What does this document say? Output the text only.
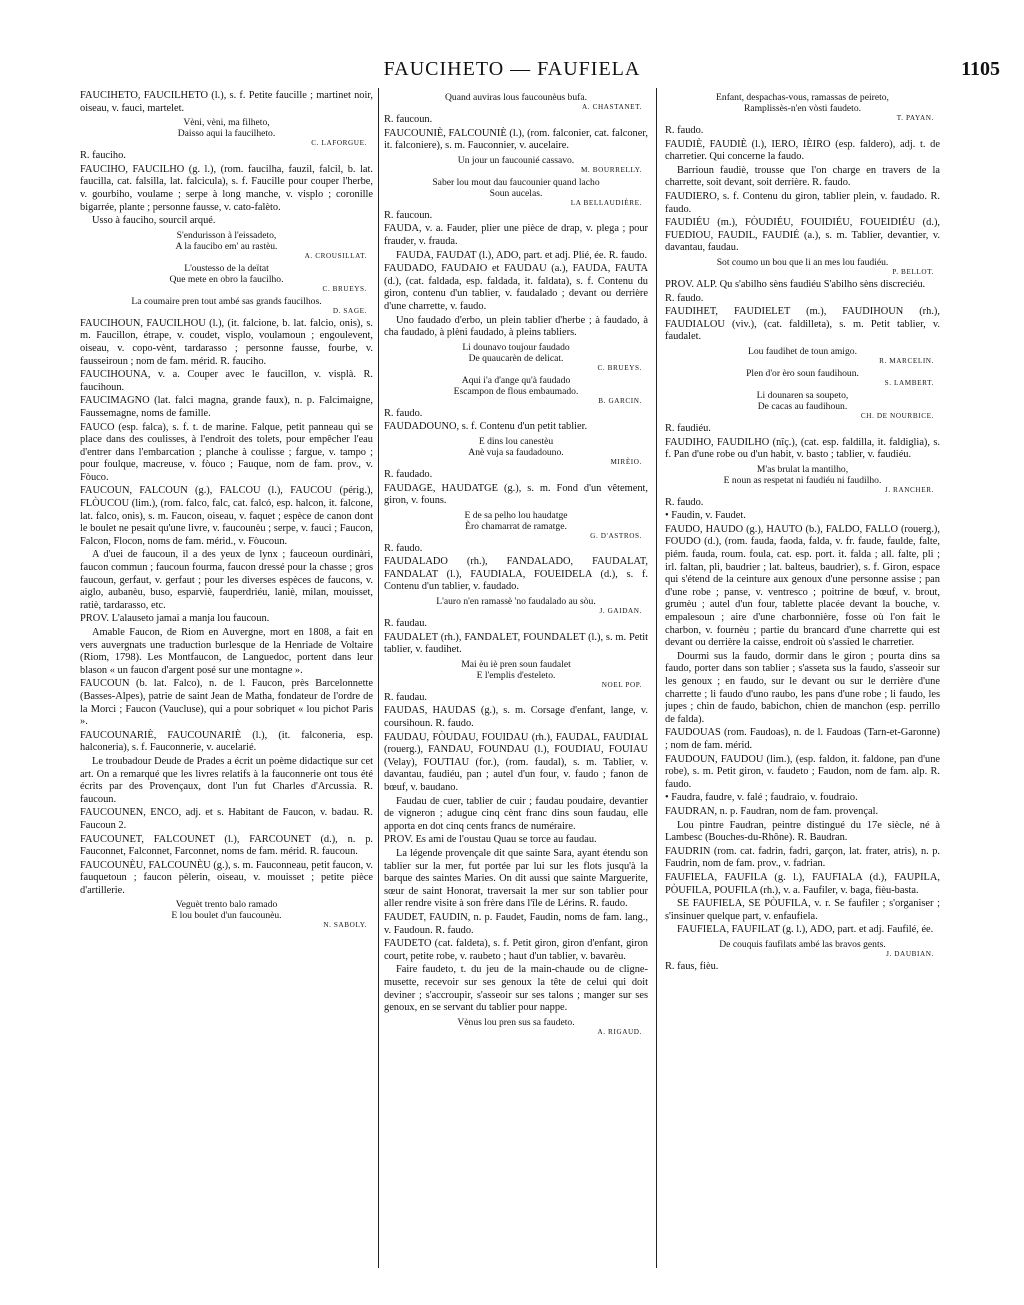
FAUCIHETO — FAUFIELA	1105
FAUCIHETO, FAUCILHETO (l.), s. f. Petite faucille ; martinet noir, oiseau, v. fauci, martelet.
Vèni, vèni, ma filheto,
Daisso aqui la faucilheto.
C. LAFORGUE.
R. fauciho.
FAUCIHO, FAUCILHO (g. l.), (rom. faucilha, fauzil, falcil, b. lat. faucilla, cat. falsilla, lat. falcicula), s. f. Faucille pour couper l'herbe, v. gourbiho, voulame ; serpe à long manche, v. visplo ; coronille bigarrée, plante ; personne fausse, v. cato-falèto.
Usso à fauciho, sourcil arqué.
S'endurisson à l'eissadeto,
A la faucibo em' au rastèu.
A. CROUSILLAT.
L'oustesso de la deïtat
Que mete en obro la faucilho.
C. BRUEYS.
La coumaire pren tout ambé sas grands faucilhos.
D. SAGE.
FAUCIHOUN, FAUCILHOU (l.), (it. falcione, b. lat. falcio, onis), s. m. Faucillon, étrape, v. coudet, visplo, voulamoun ; engoulevent, oiseau, v. copo-vènt, tardarasso ; personne fausse, fourbe, v. fausseiroun ; nom de fam. mérid. R. fauciho.
FAUCIHOUNA, v. a. Couper avec le faucillon, v. visplà. R. faucihoun.
FAUCIMAGNO (lat. falci magna, grande faux), n. p. Falcimaigne, Faussemagne, noms de famille.
FAUCO (esp. falca), s. f. t. de marine. Falque, petit panneau qui se place dans des coulisses, à l'endroit des tolets, pour empêcher l'eau d'entrer dans l'embarcation ; planche à coulisse ; fargue, v. tampo ; pour foulque, macreuse, v. fòuco ; Fauque, nom de fam. prov., v. Fòuco.
FAUCOUN, FALCOUN (g.), FALCOU (l.), FAUCOU (périg.), FLÒUCOU (lim.), (rom. falco, falc, cat. falcó, esp. halcon, it. falcone, lat. falco, onis), s. m. Faucon, oiseau, v. faquet ; espèce de canon dont le boulet ne pesait qu'une livre, v. faucounèu ; serpe, v. fauci ; Faucon, Falcon, Flocon, noms de fam. mérid., v. Fòucoun.
A d'uei de faucoun, il a des yeux de lynx ; fauceoun ourdinàri, faucon commun ; faucoun fourma, faucon dressé pour la chasse ; gros faucoun, gerfaut, v. gerfaut ; pour les diverses espèces de faucons, v. aiglo, aubanèu, buso, esparviè, fauperdriéu, laniè, milan, mouisset, ratiè, tardarasso, etc.
PROV. L'alauseto jamai a manja lou faucoun.
Amable Faucon, de Riom en Auvergne, mort en 1808, a fait en vers auvergnats une traduction burlesque de la Henriade de Voltaire (Riom, 1798). Les Montfaucon, de Languedoc, portent dans leur blason « un faucon d'argent posé sur une montagne ».
FAUCOUN (b. lat. Falco), n. de l. Faucon, près Barcelonnette (Basses-Alpes), patrie de saint Jean de Matha, fondateur de l'ordre de la Morci ; Faucon (Vaucluse), qui a pour sobriquet « lou pichot Paris ».
FAUCOUNARIÈ, FAUCOUNARIÈ (l.), (it. falconeria, esp. halconeria), s. f. Fauconnerie, v. aucelarié.
Le troubadour Deude de Prades a écrit un poème didactique sur cet art. On a remarqué que les livres relatifs à la fauconnerie ont tous été écrits par des Provençaux, dont l'un fut Charles d'Arcussia. R. faucoun.
FAUCOUNEN, ENCO, adj. et s. Habitant de Faucon, v. badau. R. Faucoun 2.
FAUCOUNET, FALCOUNET (l.), FARCOUNET (d.), n. p. Fauconnet, Falconnet, Farconnet, noms de fam. mérid. R. faucoun.
FAUCOUNÈU, FALCOUNÈU (g.), s. m. Fauconneau, petit faucon, v. fauquetoun ; faucon pèlerin, oiseau, v. mouisset ; petite pièce d'artillerie.
Veguèt trento balo ramado
E lou boulet d'un faucounèu.
N. SABOLY.
Quand auviras lous faucounèus bufa.
A. CHASTANET.
R. faucoun.
FAUCOUNIÈ, FALCOUNIÈ (l.), (rom. falconier, cat. falconer, it. falconiere), s. m. Fauconnier, v. aucelaire.
Un jour un faucounié cassavo.
M. BOURRELLY.
Saber lou mout dau faucounier quand lacho
Soun aucelas.
LA BELLAUDIÈRE.
R. faucoun.
FAUDA, v. a. Fauder, plier une pièce de drap, v. plega ; pour frauder, v. frauda.
FAUDA, FAUDAT (l.), ADO, part. et adj. Plié, ée. R. faudo.
FAUDADO, FAUDAIO et FAUDAU (a.), FAUDA, FAUTA (d.), (cat. faldada, esp. faldada, it. faldata), s. f. Contenu du giron, contenu d'un tablier, v. faudalado ; devant ou derrière d'une charrette, v. faudo.
Uno faudado d'erbo, un plein tablier d'herbe ; à faudado, à cha faudado, à plèni faudado, à pleins tabliers.
Li dounavo toujour faudado
De quaucarèn de delicat.
C. BRUEYS.
Aqui i'a d'ange qu'à faudado
Escampon de flous embaumado.
B. GARCIN.
R. faudo.
FAUDADOUNO, s. f. Contenu d'un petit tablier.
E dins lou canestèu
Anè vuja sa faudadouno.
MIRÈIO.
R. faudado.
FAUDAGE, HAUDATGE (g.), s. m. Fond d'un vêtement, giron, v. founs.
E de sa pelho lou haudatge
Èro chamarrat de ramatge.
G. D'ASTROS.
R. faudo.
FAUDALADO (rh.), FANDALADO, FAUDALAT, FANDALAT (l.), FAUDIALA, FOUEIDELA (d.), s. f. Contenu d'un tablier, v. faudado.
L'auro n'en ramassè 'no faudalado au sòu.
J. GAIDAN.
R. faudau.
FAUDALET (rh.), FANDALET, FOUNDALET (l.), s. m. Petit tablier, v. faudihet.
Mai èu iè pren soun faudalet
E l'emplis d'esteleto.
NOEL POP.
R. faudau.
FAUDAS, HAUDAS (g.), s. m. Corsage d'enfant, lange, v. coursihoun. R. faudo.
FAUDAU, FÒUDAU, FOUIDAU (rh.), FAUDAL, FAUDIAL (rouerg.), FANDAU, FOUNDAU (l.), FOUDIAU, FOUIAU (Velay), FOUTIAU (for.), (rom. faudal), s. m. Tablier, v. davantau, faudiéu, pan ; autel d'un four, v. faudo ; fanon de bœuf, v. baudano.
Faudau de cuer, tablier de cuir ; faudau poudaire, devantier de vigneron ; adugue cinq cènt franc dins soun faudau, elle apporta en dot cinq cents francs de numéraire.
PROV. Es ami de l'oustau Quau se torce au faudau.
La légende provençale dit que sainte Sara, ayant étendu son tablier sur la mer, fut portée par lui sur les flots jusqu'à la barque des saintes Maries. On dit aussi que sainte Marguerite, sœur de saint Honorat, traversait la mer sur son tablier pour aller rendre visite à son frère dans l'île de Lérins. R. faudo.
FAUDET, FAUDIN, n. p. Faudet, Faudin, noms de fam. lang., v. Faudoun. R. faudo.
FAUDETO (cat. faldeta), s. f. Petit giron, giron d'enfant, giron court, petite robe, v. raubeto ; haut d'un tablier, v. bavarèu.
Faire faudeto, t. du jeu de la main-chaude ou de cligne-musette, recevoir sur ses genoux la tête de celui qui doit deviner ; s'accroupir, s'asseoir sur ses talons ; manger sur ses genoux, en se servant du tablier pour nappe.
Vènus lou pren sus sa faudeto.
A. RIGAUD.
Enfant, despachas-vous, ramassas de peireto,
Ramplissès-n'en vòsti faudeto.
T. PAYAN.
R. faudo.
FAUDIÈ, FAUDIÈ (l.), IERO, IÈIRO (esp. faldero), adj. t. de charretier. Qui concerne la faudo.
Barrioun faudiè, trousse que l'on charge en travers de la charrette, soit devant, soit derrière. R. faudo.
FAUDIERO, s. f. Contenu du giron, tablier plein, v. faudado. R. faudo.
FAUDIÉU (m.), FÒUDIÉU, FOUIDIÉU, FOUEIDIÉU (d.), FUEDIOU, FAUDIL, FAUDIÉ (a.), s. m. Tablier, devantier, v. davantau, faudau.
Sot coumo un bou que li an mes lou faudiéu.
P. BELLOT.
PROV. ALP. Qu s'abilho sèns faudiéu S'abilho sèns discreciéu.
R. faudo.
FAUDIHET, FAUDIELET (m.), FAUDIHOUN (rh.), FAUDIALOU (viv.), (cat. faldilleta), s. m. Petit tablier, v. faudalet.
Lou faudihet de toun amigo.
R. MARCELIN.
Plen d'or èro soun faudihoun.
S. LAMBERT.
Li dounaren sa soupeto,
De cacas au faudihoun.
CH. DE NOURBICE.
R. faudiéu.
FAUDIHO, FAUDILHO (nîç.), (cat. esp. faldilla, it. faldiglia), s. f. Pan d'une robe ou d'un habit, v. basto ; tablier, v. faudiéu.
M'as brulat la mantilho,
E noun as respetat ni faudiéu ni faudilho.
J. RANCHER.
R. faudo.
• Faudin, v. Faudet.
FAUDO, HAUDO (g.), HAUTO (b.), FALDO, FALLO (rouerg.), FOUDO (d.), (rom. fauda, faoda, falda, v. fr. faude, faulde, falte, piém. fauda, roum. foula, cat. esp. port. it. falda ; all. falte, pli ; irl. faltan, pli, baudrier ; lat. balteus, baudrier), s. f. Giron, espace qui s'étend de la ceinture aux genoux d'une personne assise ; pan d'une robe ; panse, v. ventresco ; poitrine de bœuf, v. brout, grumèu ; autel d'un four, tablette placée devant la bouche, v. empalesoun ; aire d'une charbonnière, fosse où l'on fait le charbon, v. fournèu ; partie du brancard d'une charrette qui est devant ou derrière la caisse, endroit où s'assied le charretier.
Dourmi sus la faudo, dormir dans le giron ; pourta dins sa faudo, porter dans son tablier ; s'asseta sus la faudo, s'asseoir sur les genoux ; en faudo, sur le devant ou sur le derrière d'une charrette ; li faudo d'uno raubo, les pans d'une robe ; li faudo, les jupes ; chin de faudo, babichon, chien de manchon (esp. perrillo de falda).
FAUDOUAS (rom. Faudoas), n. de l. Faudoas (Tarn-et-Garonne) ; nom de fam. mérid.
FAUDOUN, FAUDOU (lim.), (esp. faldon, it. faldone, pan d'une robe), s. m. Petit giron, v. faudeto ; Faudon, nom de fam. alp. R. faudo.
• Faudra, faudre, v. falé ; faudraio, v. foudraio.
FAUDRAN, n. p. Faudran, nom de fam. provençal.
Lou pintre Faudran, peintre distingué du 17e siècle, né à Lambesc (Bouches-du-Rhône). R. Baudran.
FAUDRIN (rom. cat. fadrin, fadri, garçon, lat. frater, atris), n. p. Faudrin, nom de fam. prov., v. fadrian.
FAUFIELA, FAUFILA (g. l.), FAUFIALA (d.), FAUPILA, PÒUFILA, POUFILA (rh.), v. a. Faufiler, v. baga, fièu-basta.
SE FAUFIELA, SE PÒUFILA, v. r. Se faufiler ; s'organiser ; s'insinuer quelque part, v. enfaufiela.
FAUFIELA, FAUFILAT (g. l.), ADO, part. et adj. Faufilé, ée.
De couquis faufilats ambé las bravos gents.
J. DAUBIAN.
R. faus, fièu.
